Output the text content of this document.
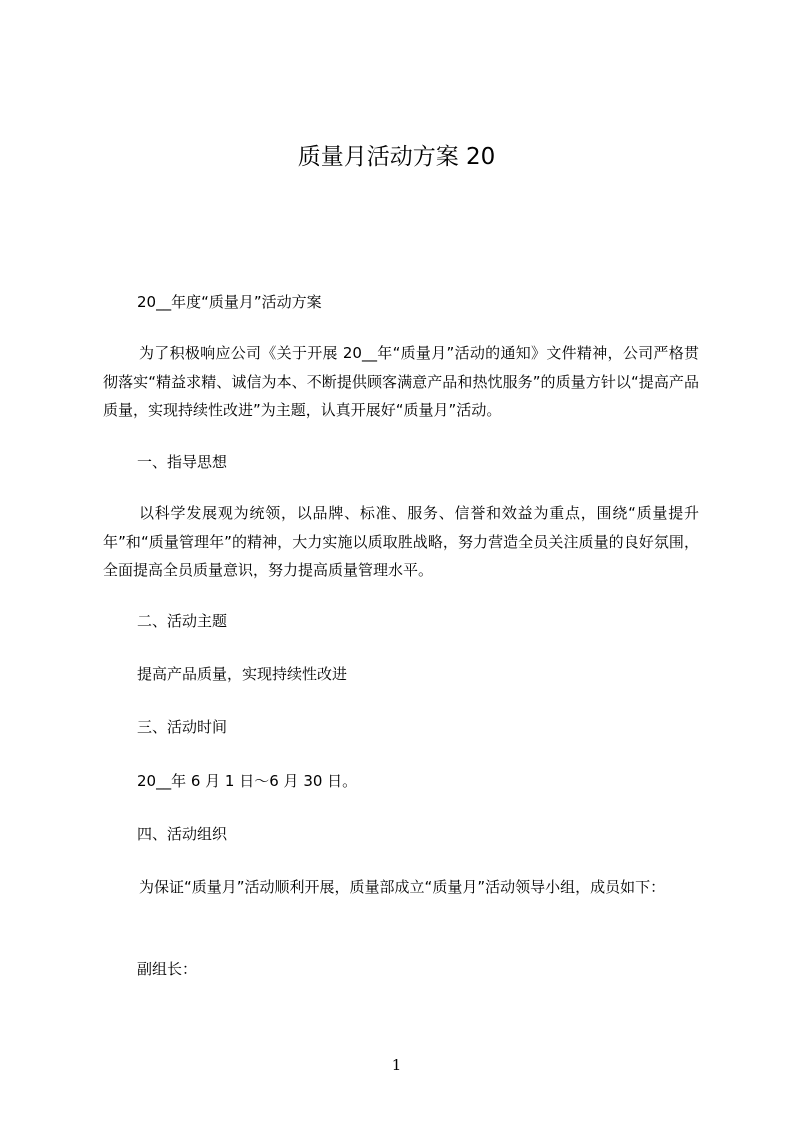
质量月活动方案 20
20__年度“质量月”活动方案
为了积极响应公司《关于开展 20__年“质量月”活动的通知》文件精神，公司严格贯彻落实“精益求精、诚信为本、不断提供顾客满意产品和热忱服务”的质量方针以“提高产品质量，实现持续性改进”为主题，认真开展好“质量月”活动。
一、指导思想
以科学发展观为统领，以品牌、标准、服务、信誉和效益为重点，围绕“质量提升年”和“质量管理年”的精神，大力实施以质取胜战略，努力营造全员关注质量的良好氛围，全面提高全员质量意识，努力提高质量管理水平。
二、活动主题
提高产品质量，实现持续性改进
三、活动时间
20__年 6 月 1 日～6 月 30 日。
四、活动组织
为保证“质量月”活动顺利开展，质量部成立“质量月”活动领导小组，成员如下：
副组长：
1
